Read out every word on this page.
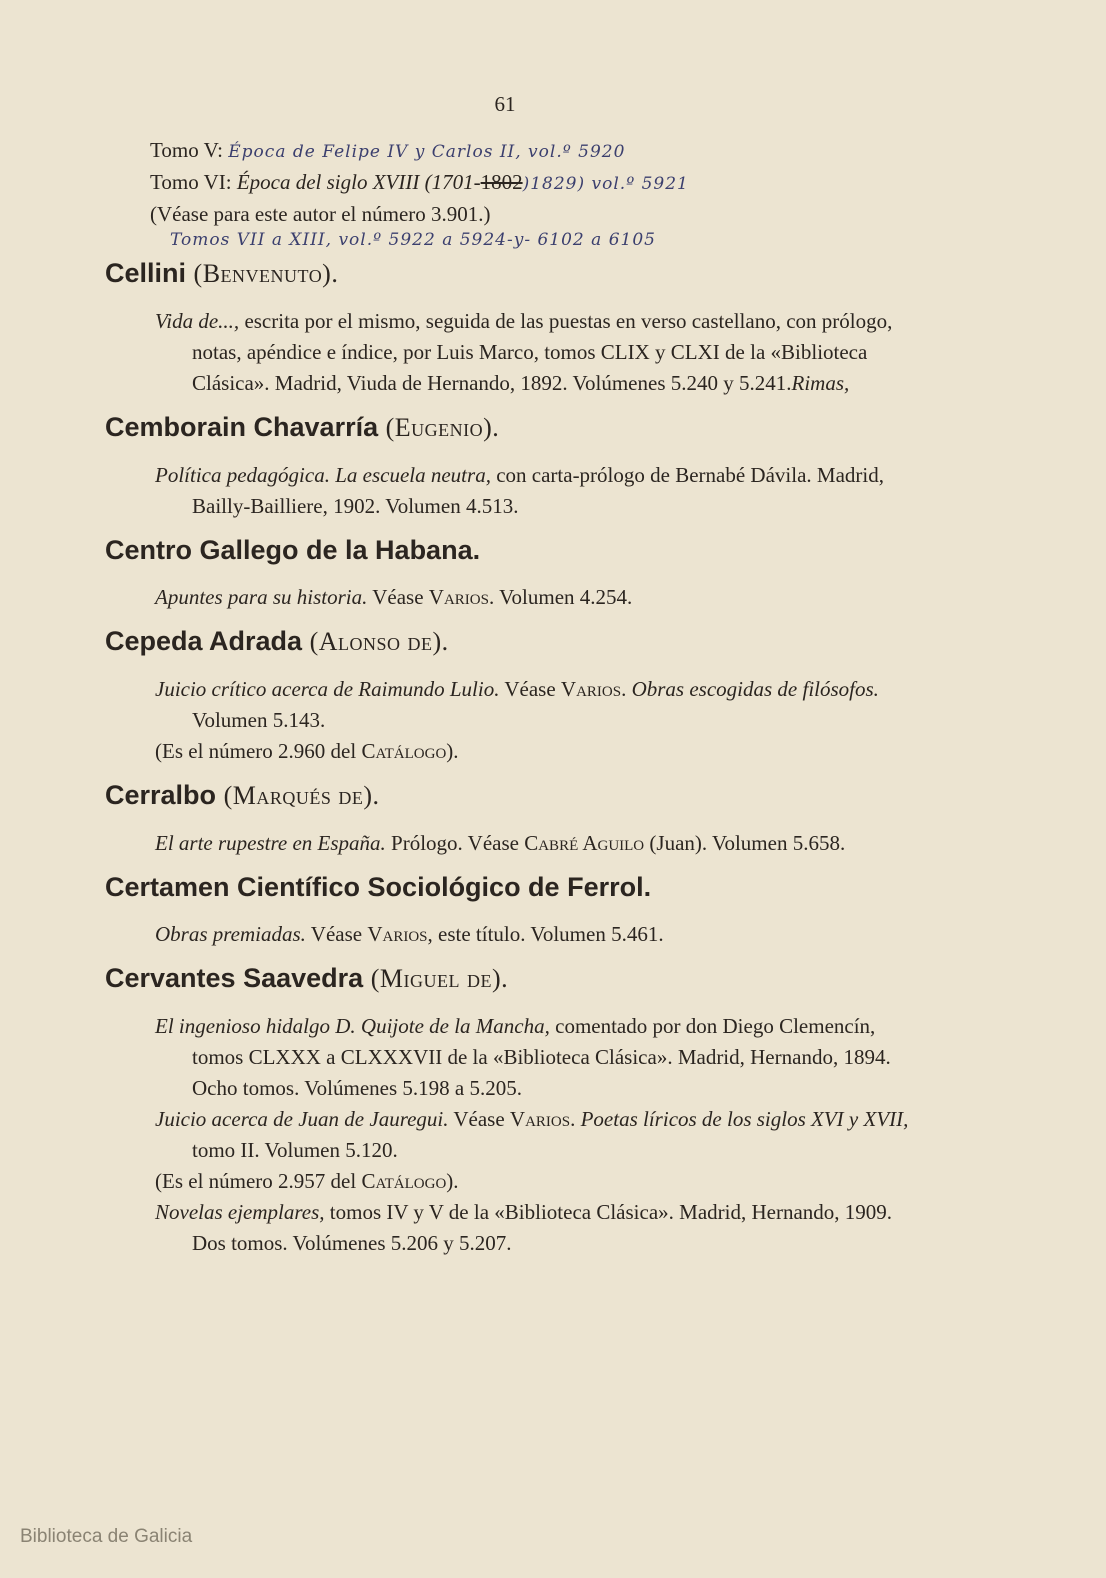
61
Tomo V: Época de Felipe IV y Carlos II, vol.º 5920
Tomo VI: Época del siglo XVIII (1701-1802)1829) vol.º 5921
(Véase para este autor el número 3.901.)
Tomos VII a XIII, vol.º 5922 a 5924-y- 6102 a 6105
Cellini (Benvenuto).
Vida de..., escrita por el mismo, seguida de las puestas en verso castellano, con prólogo, notas, apéndice e índice, por Luis Marco, tomos CLIX y CLXI de la «Biblioteca Clásica». Madrid, Viuda de Hernando, 1892. Volúmenes 5.240 y 5.241.Rimas,
Cemborain Chavarría (Eugenio).
Política pedagógica. La escuela neutra, con carta-prólogo de Bernabé Dávila. Madrid, Bailly-Bailliere, 1902. Volumen 4.513.
Centro Gallego de la Habana.
Apuntes para su historia. Véase Varios. Volumen 4.254.
Cepeda Adrada (Alonso de).
Juicio crítico acerca de Raimundo Lulio. Véase Varios. Obras escogidas de filósofos. Volumen 5.143.
(Es el número 2.960 del Catálogo).
Cerralbo (Marqués de).
El arte rupestre en España. Prólogo. Véase Cabré Aguilo (Juan). Volumen 5.658.
Certamen Científico Sociológico de Ferrol.
Obras premiadas. Véase Varios, este título. Volumen 5.461.
Cervantes Saavedra (Miguel de).
El ingenioso hidalgo D. Quijote de la Mancha, comentado por don Diego Clemencín, tomos CLXXX a CLXXXVII de la «Biblioteca Clásica». Madrid, Hernando, 1894. Ocho tomos. Volúmenes 5.198 a 5.205.
Juicio acerca de Juan de Jauregui. Véase Varios. Poetas líricos de los siglos XVI y XVII, tomo II. Volumen 5.120.
(Es el número 2.957 del Catálogo).
Novelas ejemplares, tomos IV y V de la «Biblioteca Clásica». Madrid, Hernando, 1909. Dos tomos. Volúmenes 5.206 y 5.207.
Biblioteca de Galicia
